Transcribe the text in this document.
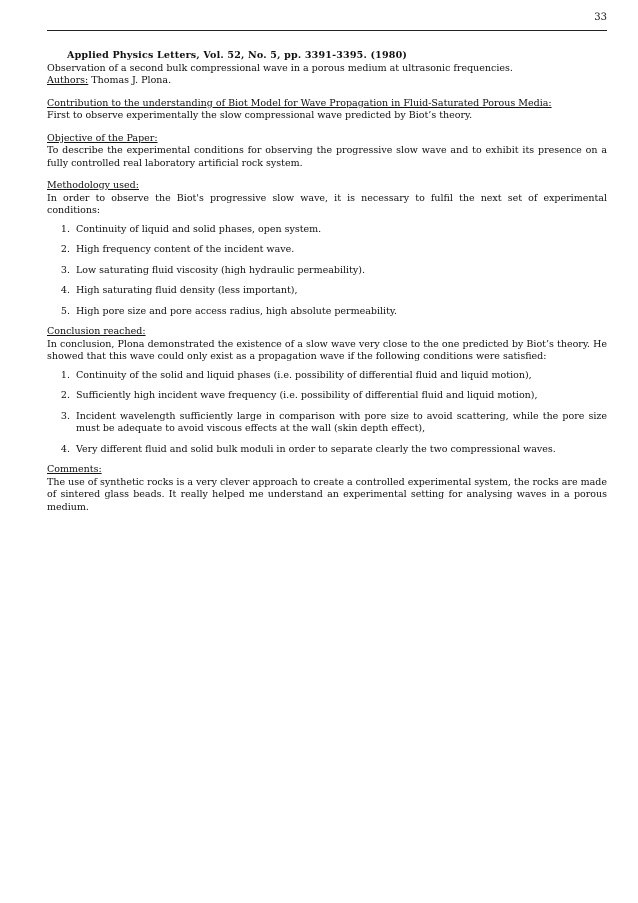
33
Applied Physics Letters, Vol. 52, No. 5, pp. 3391-3395. (1980)
Observation of a second bulk compressional wave in a porous medium at ultrasonic frequencies.
Authors: Thomas J. Plona.
Contribution to the understanding of Biot Model for Wave Propagation in Fluid-Saturated Porous Media:
First to observe experimentally the slow compressional wave predicted by Biot’s theory.
Objective of the Paper:
To describe the experimental conditions for observing the progressive slow wave and to exhibit its presence on a fully controlled real laboratory artificial rock system.
Methodology used:
In order to observe the Biot's progressive slow wave, it is necessary to fulfil the next set of experimental conditions:
1. Continuity of liquid and solid phases, open system.
2. High frequency content of the incident wave.
3. Low saturating fluid viscosity (high hydraulic permeability).
4. High saturating fluid density (less important),
5. High pore size and pore access radius, high absolute permeability.
Conclusion reached:
In conclusion, Plona demonstrated the existence of a slow wave very close to the one predicted by Biot’s theory. He showed that this wave could only exist as a propagation wave if the following conditions were satisfied:
1. Continuity of the solid and liquid phases (i.e. possibility of differential fluid and liquid motion),
2. Sufficiently high incident wave frequency (i.e. possibility of differential fluid and liquid motion),
3. Incident wavelength sufficiently large in comparison with pore size to avoid scattering, while the pore size must be adequate to avoid viscous effects at the wall (skin depth effect),
4. Very different fluid and solid bulk moduli in order to separate clearly the two compressional waves.
Comments:
The use of synthetic rocks is a very clever approach to create a controlled experimental system, the rocks are made of sintered glass beads. It really helped me understand an experimental setting for analysing waves in a porous medium.
